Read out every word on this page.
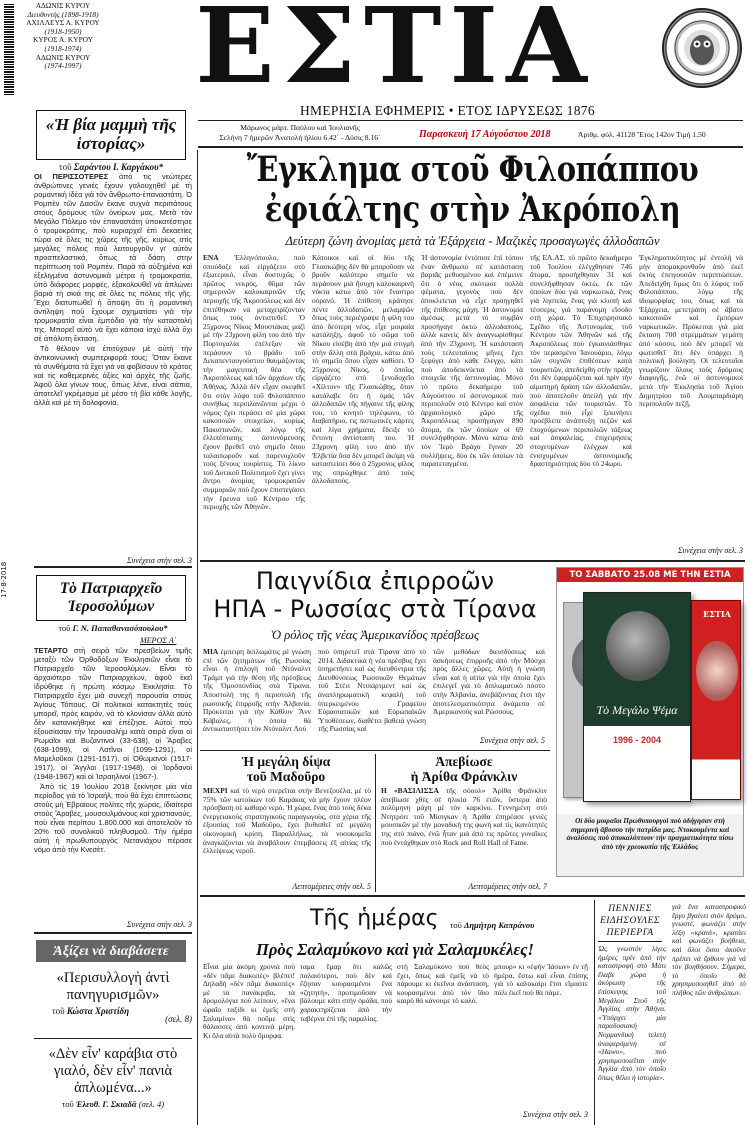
ΑΔΩΝΙΣ ΚΥΡΟΥ
Διευθυντής (1898-1918)
ΑΧΙΛΛΕΥΣ Α. ΚΥΡΟΥ
(1918-1950)
ΚΥΡΟΣ Α. ΚΥΡΟΥ
(1918-1974)
ΑΔΩΝΙΣ ΚΥΡΟΥ
(1974-1997)	ΕΣΤΙΑ
ΗΜΕΡΗΣΙΑ ΕΦΗΜΕΡΙΣ • ΕΤΟΣ ΙΔΡΥΣΕΩΣ 1876
Μάρωνος μάρτ. Παύλου καὶ Ἰουλιανῆς
Σελήνη 7 ἡμερῶν Ἀνατολὴ ἡλίου 6.42΄ - Δύσις 8.16΄	Παρασκευὴ 17 Αὐγούστου 2018	Ἀριθμ. φύλ. 41128 Ἔτος 142ον Τιμὴ 1,50
17-8-2018
«Ἡ βία μαμμὴ τῆς ἱστορίας»
τοῦ Σαράντου Ι. Καργάκου*

ΟΙ ΠΕΡΙΣΣΟΤΕΡΕΣ ἀπὸ τις νεώτερες ἀνθρώπινες γενιές ἔχουν γαλουχηθεῖ μὲ τὴ ρομαντικὴ ἰδέα γιὰ τὸν ἄνθρωπο-ἐπαναστάτη. Ὁ Ρομπὲν τῶν Δασῶν ἔκανε συχνὰ περιπάτους στους δρόμους τῶν ὀνείρων μας. Μετὰ τὸν Μεγάλο Πόλεμο τὸν ἐπαναστάτη ὑποκατέστησε ὁ τρομοκράτης, ποὺ κυριαρχεῖ ἐπὶ δεκαετίες τώρα σὲ ὅλες τις χῶρες τῆς γῆς, κυρίως στὶς μεγάλες πόλεις ποὺ λειτουργοῦν γι' αὐτὸν προσπελαστικά, ὅπως τὰ δάση στην περίπτωση τοῦ Ρομπέν. Παρὰ τὰ αὐξημένα καὶ ἐξελιγμένα ἀστυνομικὰ μέτρα ἡ τρομοκρατία, ὑπὸ διάφορες μορφές, ἐξακολουθεῖ νὰ ἁπλώνει βαριὰ τὴ σκιά της σὲ ὅλες τις πόλεις τῆς γῆς. Ἔχει διατυπωθεῖ ἡ ἄποψη ὅτι ἡ ρομαντικὴ ἀντίληψη ποὺ ἔχουμε σχηματίσει γιὰ τὴν τρομοκρατία εἶναι ἐμπόδιο γιὰ τὴν καταστολή της. Μπορεῖ αὐτὸ νὰ ἔχει κάποια ἰσχὺ ἀλλὰ ὄχι σὲ ἀπόλυτη ἔκταση.

Τὸ θέλουν να ἐπιτύχουν μὲ αὐτὴ τὴν ἀντικοινωνικὴ συμπεριφορά τους; Ὅταν ἔκανε τὰ συνθήματα τὰ ἔχει γιὰ να φοβίσουν τὸ κράτος καὶ τὶς καθεμερινὲς ἀξίες καὶ ἀρχὲς τῆς ζωῆς. Ἀφοῦ ὅλα γίνων τους, ὅπως λένε, εἶναι σάπια, ἀποτελεῖ γκρέμισμα μὲ μέσο τὴ βία κάθε λογῆς, ἀλλὰ καὶ μὲ τὴ δολοφονία.

Συνέχεια στὴν σελ. 3
Τὸ Πατριαρχεῖο Ἱεροσολύμων
τοῦ Γ. Ν. Παπαθανασόπουλου*
ΜΕΡΟΣ Α΄

ΤΕΤΑΡΤΟ στὴ σειρὰ τῶν πρεσβείων τιμῆς μεταξὺ τῶν Ὀρθοδόξων Ἐκκλησιῶν εἶναι τὸ Πατριαρχεῖο τῶν Ἱεροσολύμων. Εἶναι τὸ ἀρχαιότερο τῶν Πατριαρχείων, ἀφοῦ ἐκεῖ ἱδρύθηκε ἡ πρώτη κόσμῳ Ἐκκλησία. Τὸ Πατριαρχεῖο ἔχει μιὰ συνεχῆ παρουσία στοὺς Ἁγίους Τόπους. Οἱ πολιτικοὶ κατακτητὲς τοὺς μπορεῖ, πρὸς καιρόν, νὰ τὸ κλονίσαν ἀλλὰ αὐτὸ δὲν κατανικήθηκε καὶ ἐπέζησε. Αὐτοὶ ποὺ ἐξουσίασαν τὴν Ἱερουσαλὴμ κατὰ σειρὰ εἶναι οἱ Ρωμαῖοι καὶ Βυζαντινοὶ (33-638), οἱ Ἄραβες (638-1099), οἱ Λατῖνοι (1099-1291), οἱ Μαμελοῦκοι (1291-1517), οἱ Ὀθωμανοὶ (1517-1917), οἱ Ἄγγλοι (1917-1948), οἱ Ἰορδανοὶ (1948-1967) καὶ οἱ Ἰσραηλινοὶ (1967-).

Ἀπὸ τὶς 19 Ἰουλίου 2018 ξεκίνησε μία νέα περίοδος γιὰ τὸ Ἰσραήλ, ποὺ θὰ ἔχει ἐπιπτώσεις στοὺς μὴ Ἑβραίους πολίτες τῆς χώρας, ἰδιαίτερα στοὺς Ἄραβες, μουσουλμάνους καὶ χριστιανούς, ποὺ εἶναι περίπου 1.800.000 καὶ ἀποτελοῦν τὸ 20% τοῦ συνολικοῦ πληθυσμοῦ. Τὴν ἡμέρα αὐτὴ ἡ πρωθυπουργὸς Νετανιάχου πέρασε νόμο ἀπὸ τὴν Κνεσὲτ.

Συνέχεια στὴν σελ. 3
Ἀξίζει νὰ διαβάσετε
«Περισυλλογὴ ἀντὶ πανηγυρισμῶν»
τοῦ Κώστα Χριστίδη
(σελ. 8)
«Δὲν εἶν' καράβια στὸ γιαλό, δὲν εἶν' πανιὰ ἁπλωμένα...»
τοῦ Ἐλευθ. Γ. Σκιαδᾶ (σελ. 4)
Ἔγκλημα στοῦ Φιλοπάππου
ἐφιάλτης στὴν Ἀκρόπολη
Δεύτερη ζώνη ἀνομίας μετὰ τὰ Ἐξάρχεια - Μαζικὲς προσαγωγὲς ἀλλοδαπῶν

ΕΝΑ Ἐλληνόπουλο, ποὺ σπούδαζε καὶ εἰργάζετο στὸ ἐξωτερικό, εἶναι δυστυχῶς ὁ πρῶτος νεκρός, θῦμα τῶν σημερινῶν καλοκαιρινῶν τῆς περιοχῆς τῆς Ἀκροπόλεως καὶ δὲν ἐπιτέθηκαν νὰ μεταχειρίζονταν ὅπως τοὺς ἀντιστεθεῖ. Ὁ 25χρονος Νίκος Μουστάκας μαζὶ μὲ τὴν 23χρονη φίλη του ἀπὸ τὴν Πορτογαλία ἐπέλεξαν νὰ περάσουν τὸ βράδυ τοῦ Δεκαπενταυγούστου θαυμάζοντας τὴν μαγευτικὴ θέα τῆς Ἀκροπόλεως καὶ τῶν ἀρχαίων τῆς Ἀθήνας. Ἀλλὰ δὲν εἶχαν σκεφθεῖ ὅτι στὸν λόφο τοῦ Φιλοπάππου συνήθως περιπλανῶνται μέχρι ὁ νόμος ἔχει περάσει σὲ μία χώρα κακοποιῶν στοιχείων, κυρίως Πακιστανῶν, καὶ λόγῳ τῆς ἐλλιπέστατης ἀστυνόμευσης ἔχουν βρεθεῖ στὸ σημεῖο ὅπου ταλαιπωροῦν καὶ παρενοχλοῦν τοὺς ξένους τουρίστες. Τὸ λίκνο τοῦ Δυτικοῦ Πολιτισμοῦ ἔχει γίνει ἄντρο ἀνομίας τρομοκρατῶν συμμοριῶν ποὺ ἔχουν ἐπιστεγάσει τὴν ἔρευνα τοῦ Κέντρου τῆς περιοχῆς τῶν Ἀθηνῶν.

Κάτοικοι καὶ οἱ δύο τῆς Γλασκώβης δὲν θὰ μποροῦσαν νὰ βροῦν καλύτερο σημεῖο νὰ περάσουν μιὰ ἥσυχη καλοκαιρινὴ νύκτα κάτω ἀπὸ τὸν ἔναστρο οὐρανό. Ἡ ἐπίθεση κράτησε πέντε ἀλλοδαπῶν, μελαμψῶν ὅπως τοὺς περιέγραψε ἡ φίλη του ἀπὸ δεύτερη νέος, εἶχε μοιραία κατάληξη, ἀφοῦ τὸ σῶμα τοῦ Νίκου εἰσέβη ἀπὸ τὴν μιὰ στιγμὴ στὴν ἄλλη στὰ βράχια, κάτω ἀπὸ τὸ σημεῖο ὅπου εἶχαν καθίσει. Ὁ 25χρονος Νίκος, ὁ ὁποῖος εἰργάζετο στὸ ξενοδοχεῖο «Χίλτον» τῆς Γλασκώβης, ὅταν κατάλαβε ὅτι ἡ ὁμάς τῶν ἀλλοδαπῶν τῆς πήγαινε τῆς φίλης του, τὸ κινητὸ τηλέφωνο, τὸ διαβατήριο, τις πιστωτικὲς κάρτες καὶ λίγα χρήματα, ἔδειξε τὸ ἔντονη ἀντίσταση του. Ἡ 23χρονη φίλη του ἀπὸ τὴν Ἐλβετία ὅσα δὲν μπορεῖ ἀκόμη νὰ καταστείσει δύο ὁ 25χρονος φίλος της σπρώχθηκε ἀπὸ τοὺς ἀλλοδαπούς.
Ἡ ἀστυνομία ἐντόπισε ἐπὶ τόπου ἕναν ἄνθρωπο σὲ κατάσταση βαριᾶς μεθυσμένου καὶ ἐπέμεινε ὅτι ὁ νέος σκότωσε πολλὰ ψέματα, γεγονὸς ποὺ δὲν ἀποκλείεται νὰ εἶχε προηγηθεῖ τῆς ἐπίθεσης μάχη. Ἡ ἀστυνομία ἀμέσως μετὰ τὸ συμβὰν προσήγαγε ὀκτὼ ἀλλοδαπούς, ἀλλὰ κανεὶς δὲν ἀναγνωρίσθηκε ἀπὸ τὴν 23χρονη. Ἡ κατάσταση τοὺς τελευταίους μῆνες ἔχει ξεφύγει ἀπὸ κάθε ἔλεγχο, κάτι ποὺ ἀποδεικνύεται ἀπὸ τὰ στοιχεῖα τῆς ἀστυνομίας. Μόνο τὸ πρῶτο δεκαήμερο τοῦ Αὐγούστου οἱ ἀστυνομικοὶ ποὺ περιπολοῦν στὸ Κέντρο καὶ στὸν ἀρχαιολογικὸ χῶρο τῆς Ἀκροπόλεως προσήγαγαν 890 ἄτομα, ἐκ τῶν ὁποίων οἱ 69 συνελήφθησαν. Μόνο κάτω ἀπὸ τὸν Ἱερὸ Βράχο ἔγιναν 20 συλλήψεις, δύο ἐκ τῶν ὁποίων τὰ παρατεταγμένα.
τῆς ΕΛ.ΑΣ. τὸ πρῶτο δεκαήμερο τοῦ Ἰουλίου ἐλέγχθησαν 746 ἄτομα, προσήχθησαν 31 καὶ συνελήφθησαν ὀκτώ, ἐκ τῶν ὁποίων δύο γιὰ ναρκωτικά, ἕνας γιὰ ληστεία, ἕνας γιὰ κλοπὴ καὶ τέσσερις γιὰ παράνομη εἴσοδο στὴ χώρα. Τὸ Ἐπιχειρησιακὸ Σχέδιο τῆς Ἀστυνομίας τοῦ Κέντρου τῶν Ἀθηνῶν καὶ τῆς Ἀκροπόλεως ποὺ ἐγκαινιάσθηκε τὸν περασμένο Ἰανουάριο, λόγῳ τῶν συχνῶν ἐπιθέσεων κατὰ τουριστῶν, ἀπεδείχθη στὴν πράξη ὅτι δὲν ἐφαρμόζεται καὶ πρὶν τὴν αἰματηρὴ δράση τῶν ἀλλοδαπῶν, ποὺ ἀποτελοῦν ἀπειλὴ γιὰ τὴν ἀσφάλεια τῶν τουριστῶν. Τὸ σχέδιο ποὺ εἶχε ξεκινήσει προέβλεπε ἀνάπτυξη πεζῶν καὶ ἐποχούμενων περιπολιῶν τάξεως καὶ ἀσφαλείας, ἐπιχειρήσεις στοχευμένων ἐλέγχων καὶ ἐνισχυμένων ἀστυνομικῆς δραστηριότητας δύο τὸ 24ωρο.
Ἐγκληματικότητος μὲ ἐντολὴ νὰ μὴν ἀπομακρυνθοῦν ἀπὸ ἐκεῖ ἐκτὸς ἐπειγουσῶν περιπτώσεων. Ἀπεδείχθη ὅμως ὅτι ὁ λόφος τοῦ Φιλοπάππου, λόγῳ τῆς ἰδιομορφίας του, ὅπως καὶ τὰ Ἐξάρχεια, μετετράπη σὲ ἄβατο κακοποιῶν καὶ ἐμπόρων ναρκωτικῶν. Πρόκειται γιὰ μία ἔκταση 700 στρεμμάτων γεμάτη ἀπὸ κύσσο, ποὺ δὲν μπορεῖ νὰ φωτισθεῖ ὅτι δὲν ὑπάρχει ἡ πολιτικὴ βούληση. Οἱ τελευταῖοι γνωρίζουν ὅλους τοὺς δρόμους διαφυγῆς, ἐνῶ οἱ ἀστυνομικοὶ μετὰ τὴν Ἐκκλησία τοῦ Ἁγίου Δημητρίου τοῦ Λουμπαρδιάρη περιπολοῦν πεζῇ.
Συνέχεια στὴν σελ. 3
Παιγνίδια ἐπιρροῶν
ΗΠΑ - Ρωσσίας στὰ Τίρανα
Ὁ ρόλος τῆς νέας Ἀμερικανίδος πρέσβεως

ΜΙΑ ἐμπειρη διπλωμάτις μὲ γνώση ἐπὶ τῶν ζητημάτων τῆς Ρωσσίας εἶναι ἡ ἐπιλογὴ τοῦ Ντόναλντ Τράμπ γιὰ τὴν θέση τῆς πρέσβεως τῆς Ὁμοσπονδίας στὰ Τίρανα. Ἀποστολή της ἡ περιστολὴ τῆς ρωσσικῆς ἐπιρροῆς στὴν Ἀλβανία. Πρόκειται γιὰ τὴν Κάθλυν Ἄνν Κάβαλες, ἡ ὁποία θὰ ἀντικαταστήσει τὸν Ντόναλντ Λοὺ

ποὺ ὑπηρετεῖ στὰ Τίρανα ἀπὸ τὸ 2014. Διδακτικά ἡ νέα πρέσβυς ἔχει ὑπηρετήσει καὶ ὡς διευθύντρια τῆς Διευθύνσεως Ρωσσικῶν Θεμάτων τοῦ Στέιτ Ντιπάρτμεντ καὶ ὡς ἀναπληρωματικὴ κεφαλὴ τοῦ ὑπερκειμένου Γραφείου Εὐρασιατικῶν καὶ Εὐρωπαϊκῶν Ὑποθέσεων, διαθέτει βαθειὰ γνώση τῆς Ρωσσίας καὶ
τῶν μεθόδων διεισδύσεως καὶ ἀσκήσεως ἐπιρροῆς ἀπὸ τὴν Μόσχα πρὸς ἄλλες χῶρες. Αὐτὴ ἡ γνώση εἶναι καὶ ἡ αἰτία γιὰ τὴν ὁποία ἔχει ἐπιλεγεῖ γιὰ τὸ διπλωματικὸ πόστο στὴν Ἀλβανία, ἀνεβάζοντας ἔτσι τὴν ἀποτελεσματικότητα ἀνάμεσα σὲ Ἀμερικανοὺς καὶ Ρώσσους.
Συνέχεια στὴν σελ. 5
Ἡ μεγάλη δίψα
τοῦ Μαδοῦρο

ΜΕΧΡΙ καὶ τὸ νερὸ στερεῖται στὴν Βενεζουέλα, μὲ τὸ 75% τῶν κατοίκων τοῦ Καράκας νὰ μὴν ἔχουν πλέον πρόσβαση σὲ καθαρὸ νερό. Ἡ χώρα, ἕνας ἀπὸ τοὺς δέκα ἐνεργειακοὺς στρατηγικοὺς παραγωγοὺς, στὰ χέρια τῆς ἐξουσίας τοῦ Μαδοῦρο, ἔχει βυθισθεῖ σὲ μεγάλη οἰκονομικὴ κρίση. Παραλλήλως, τὰ νοσοκομεῖα ἀναγκάζονται νὰ ἀναβάλουν ἐπεμβάσεις ἐξ αἰτίας τῆς ἐλλείψεως νεροῦ.

Λεπτομέρειες στὴν σελ. 5
Ἀπεβίωσε
ἡ Ἀρίθα Φράνκλιν

Η «ΒΑΣΙΛΙΣΣΑ τῆς σόουλ» Ἀρίθα Φράνκλιν ἀπεβίωσε χθὲς σὲ ἡλικία 76 ἐτῶν, ὕστερα ἀπὸ πολύμηνη μάχη μὲ τὸν καρκίνο. Γεννημένη στὸ Ντητρόιτ τοῦ Μίσιγκαν ἡ Ἀρίθα ἐπηρέασε γενιὲς μουσικῶν μὲ τὴν μοναδική της φωνή καὶ τὶς ἱκανότητές της στὸ πιάνο, ἐνῶ ἦταν μιὰ ἀπὸ τις πρῶτες γυναῖκες ποὺ ἐντάχθηκαν στὸ Rock and Roll Hall of Fame.

Λεπτομέρειες στὴν σελ. 7
ΤΟ ΣΑΒΒΑΤΟ 25.08 ΜΕ ΤΗΝ ΕΣΤΙΑ
Τὸ Μεγάλο Ψέμα
1996 - 2004
ΕΣΤΙΑ
Οἱ δύο μοιραῖοι Πρωθυπουργοὶ ποὺ ὁδήγησαν στὴ σημερινὴ ἄβυσσο τὴν πατρίδα μας. Ντοκουμέντα καὶ ἀναλύσεις ποὺ ἀποκαλύπτουν τὴν πραγματικότητα πίσω ἀπὸ τὴν χρεοκοπία τῆς Ἑλλάδος
Τῆς ἡμέρας τοῦ Δημήτρη Καπράνου
Πρὸς Σαλαμύκονο καὶ γιὰ Σαλαμυκέλες!
Εἶναι μία ἀκόμη χρονιὰ ποὺ «δὲν πᾶμε διακοπὲς» βλέπει! Δηλαδὴ «δὲν πᾶμε διακοπὲς» μὲ τὰ πανάκριβα, τὰ δρομολόγια ποὺ λείπουν, «ἕνα ὡραῖο ταξίδι κι ἐμεῖς στὴ Σαλαμίνα» θὰ ποῦμε στὶς θάλασσες ἀπὸ κοντινὰ μέρη. Κι ὅλα αὐτὰ πολὺ ὄμορφα.
ταμα ἕμαρ ὅτι καλῶς παλαιότεροι, ποὺ δὲν καὶ ἔζησαν κουρασμένοι ἕνα «ζητητή», προτιμοῦσαν νὰ βάλουμε κάτι στὴν ὁμάδα, ποὺ χαρακτηρίζεται ἀπὸ τὴν ταβέρνα ἐπὶ τῆς παραλίας.
στὴ Σαλαμύκονο ποὺ θεὸς ἔχει, ὅπως καὶ ἐμεῖς νὰ τὸ πάρουμε κι ἐκεῖνοι ἀνάσταση, κουρασμένοι ἀπὸ τὸν ἴδιο καιρὸ θὰ κάνουμε τὸ καλό.
μπουρ» κι «ἐφήν Ἰάσων» ἐν τῇ ἡμέρα, ἔστω καὶ εἶναι ἐπίσης γιὰ τὸ καλοκαίρι ἔτσι εἴμαστε πάλι ἐκεῖ ποὺ θὰ πάμε.
Συνέχεια στὴν σελ. 3
ΠΕΝΝΙΕΣ
ΕΙΔΗΣΟΥΛΕΣ
ΠΕΡΙΕΡΓΑ
Ὡς γνωστὸν λίγες ἡμέρες πρὶν ἀπὸ τὴν καταστροφὴ στὸ Μάτι ἔλαβε χώρα ἡ ἀκύρωση τῆς ἐπίσκεψης τοῦ Μεγάλου Στοῦ τῆς Ἀγγλίας στὴν Ἀθήνα. «Ὑπάρχει μία παραδοσιακὴ Νορμανδικὴ τελετὴ ἀναφερόμενη σὲ «Hawo», ποὺ χρησιμοποιεῖται στὴν Ἀγγλία ἀπὸ τὸν ὁποῖο ὅπως θέλει ἡ ἱστορία».
γιὰ ἕνα καταστροφικὸ ἔργο βγαίνει στὸν δρόμο, γνωστέ, φωνάζει στὴν λέξη «κρατά», κρατάει καὶ φωνάζει βοήθεια, καὶ ὅλοι ὅσοι ἀκοῦνε πρέπει νὰ ἔρθουν γιὰ νὰ τὸν βοηθήσουν. Σήμερα, τὸ ὁποῖο θὰ χρησιμοποιηθεῖ ἀπὸ τὸ πλῆθος τῶν ἀνθρώπων.
